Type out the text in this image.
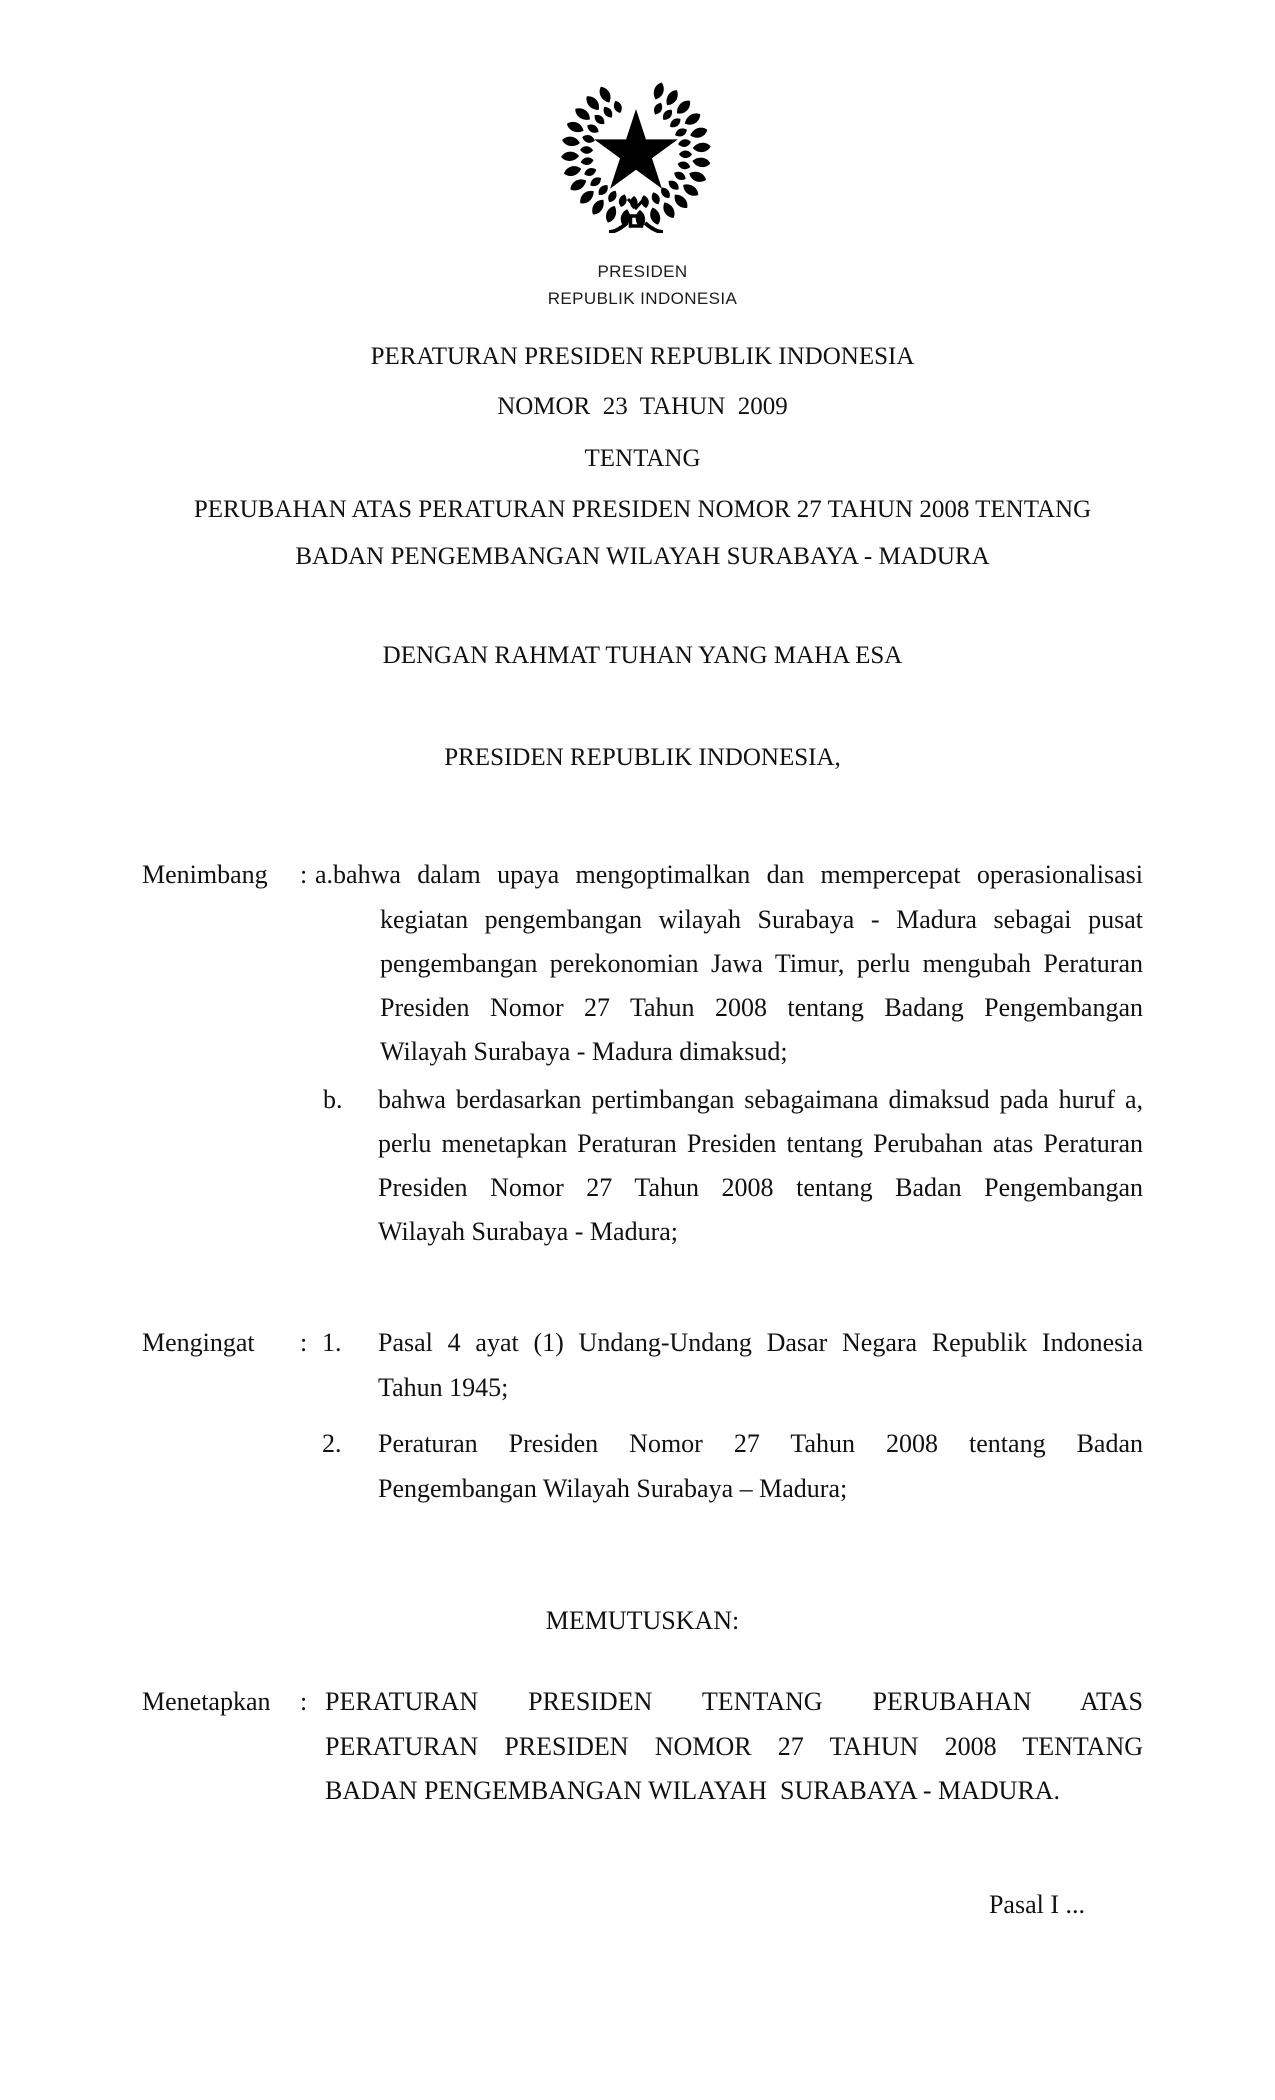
PRESIDEN
REPUBLIK INDONESIA
PERATURAN PRESIDEN REPUBLIK INDONESIA
NOMOR  23  TAHUN  2009
TENTANG
PERUBAHAN ATAS PERATURAN PRESIDEN NOMOR 27 TAHUN 2008 TENTANG
BADAN PENGEMBANGAN WILAYAH SURABAYA - MADURA
DENGAN RAHMAT TUHAN YANG MAHA ESA
PRESIDEN REPUBLIK INDONESIA,
Menimbang : a.bahwa dalam upaya mengoptimalkan dan mempercepat operasionalisasi
kegiatan pengembangan wilayah Surabaya - Madura sebagai pusat
pengembangan perekonomian Jawa Timur, perlu mengubah Peraturan
Presiden Nomor 27 Tahun 2008 tentang Badang Pengembangan
Wilayah Surabaya - Madura dimaksud;
b. bahwa berdasarkan pertimbangan sebagaimana dimaksud pada huruf a,
perlu menetapkan Peraturan Presiden tentang Perubahan atas Peraturan
Presiden Nomor 27 Tahun 2008 tentang Badan Pengembangan
Wilayah Surabaya - Madura;
Mengingat : 1. Pasal 4 ayat (1) Undang-Undang Dasar Negara Republik Indonesia
Tahun 1945;
2. Peraturan Presiden Nomor 27 Tahun 2008 tentang Badan
Pengembangan Wilayah Surabaya – Madura;
MEMUTUSKAN:
Menetapkan : PERATURAN PRESIDEN TENTANG PERUBAHAN ATAS
PERATURAN PRESIDEN NOMOR 27 TAHUN 2008 TENTANG
BADAN PENGEMBANGAN WILAYAH  SURABAYA - MADURA.
Pasal I ...
